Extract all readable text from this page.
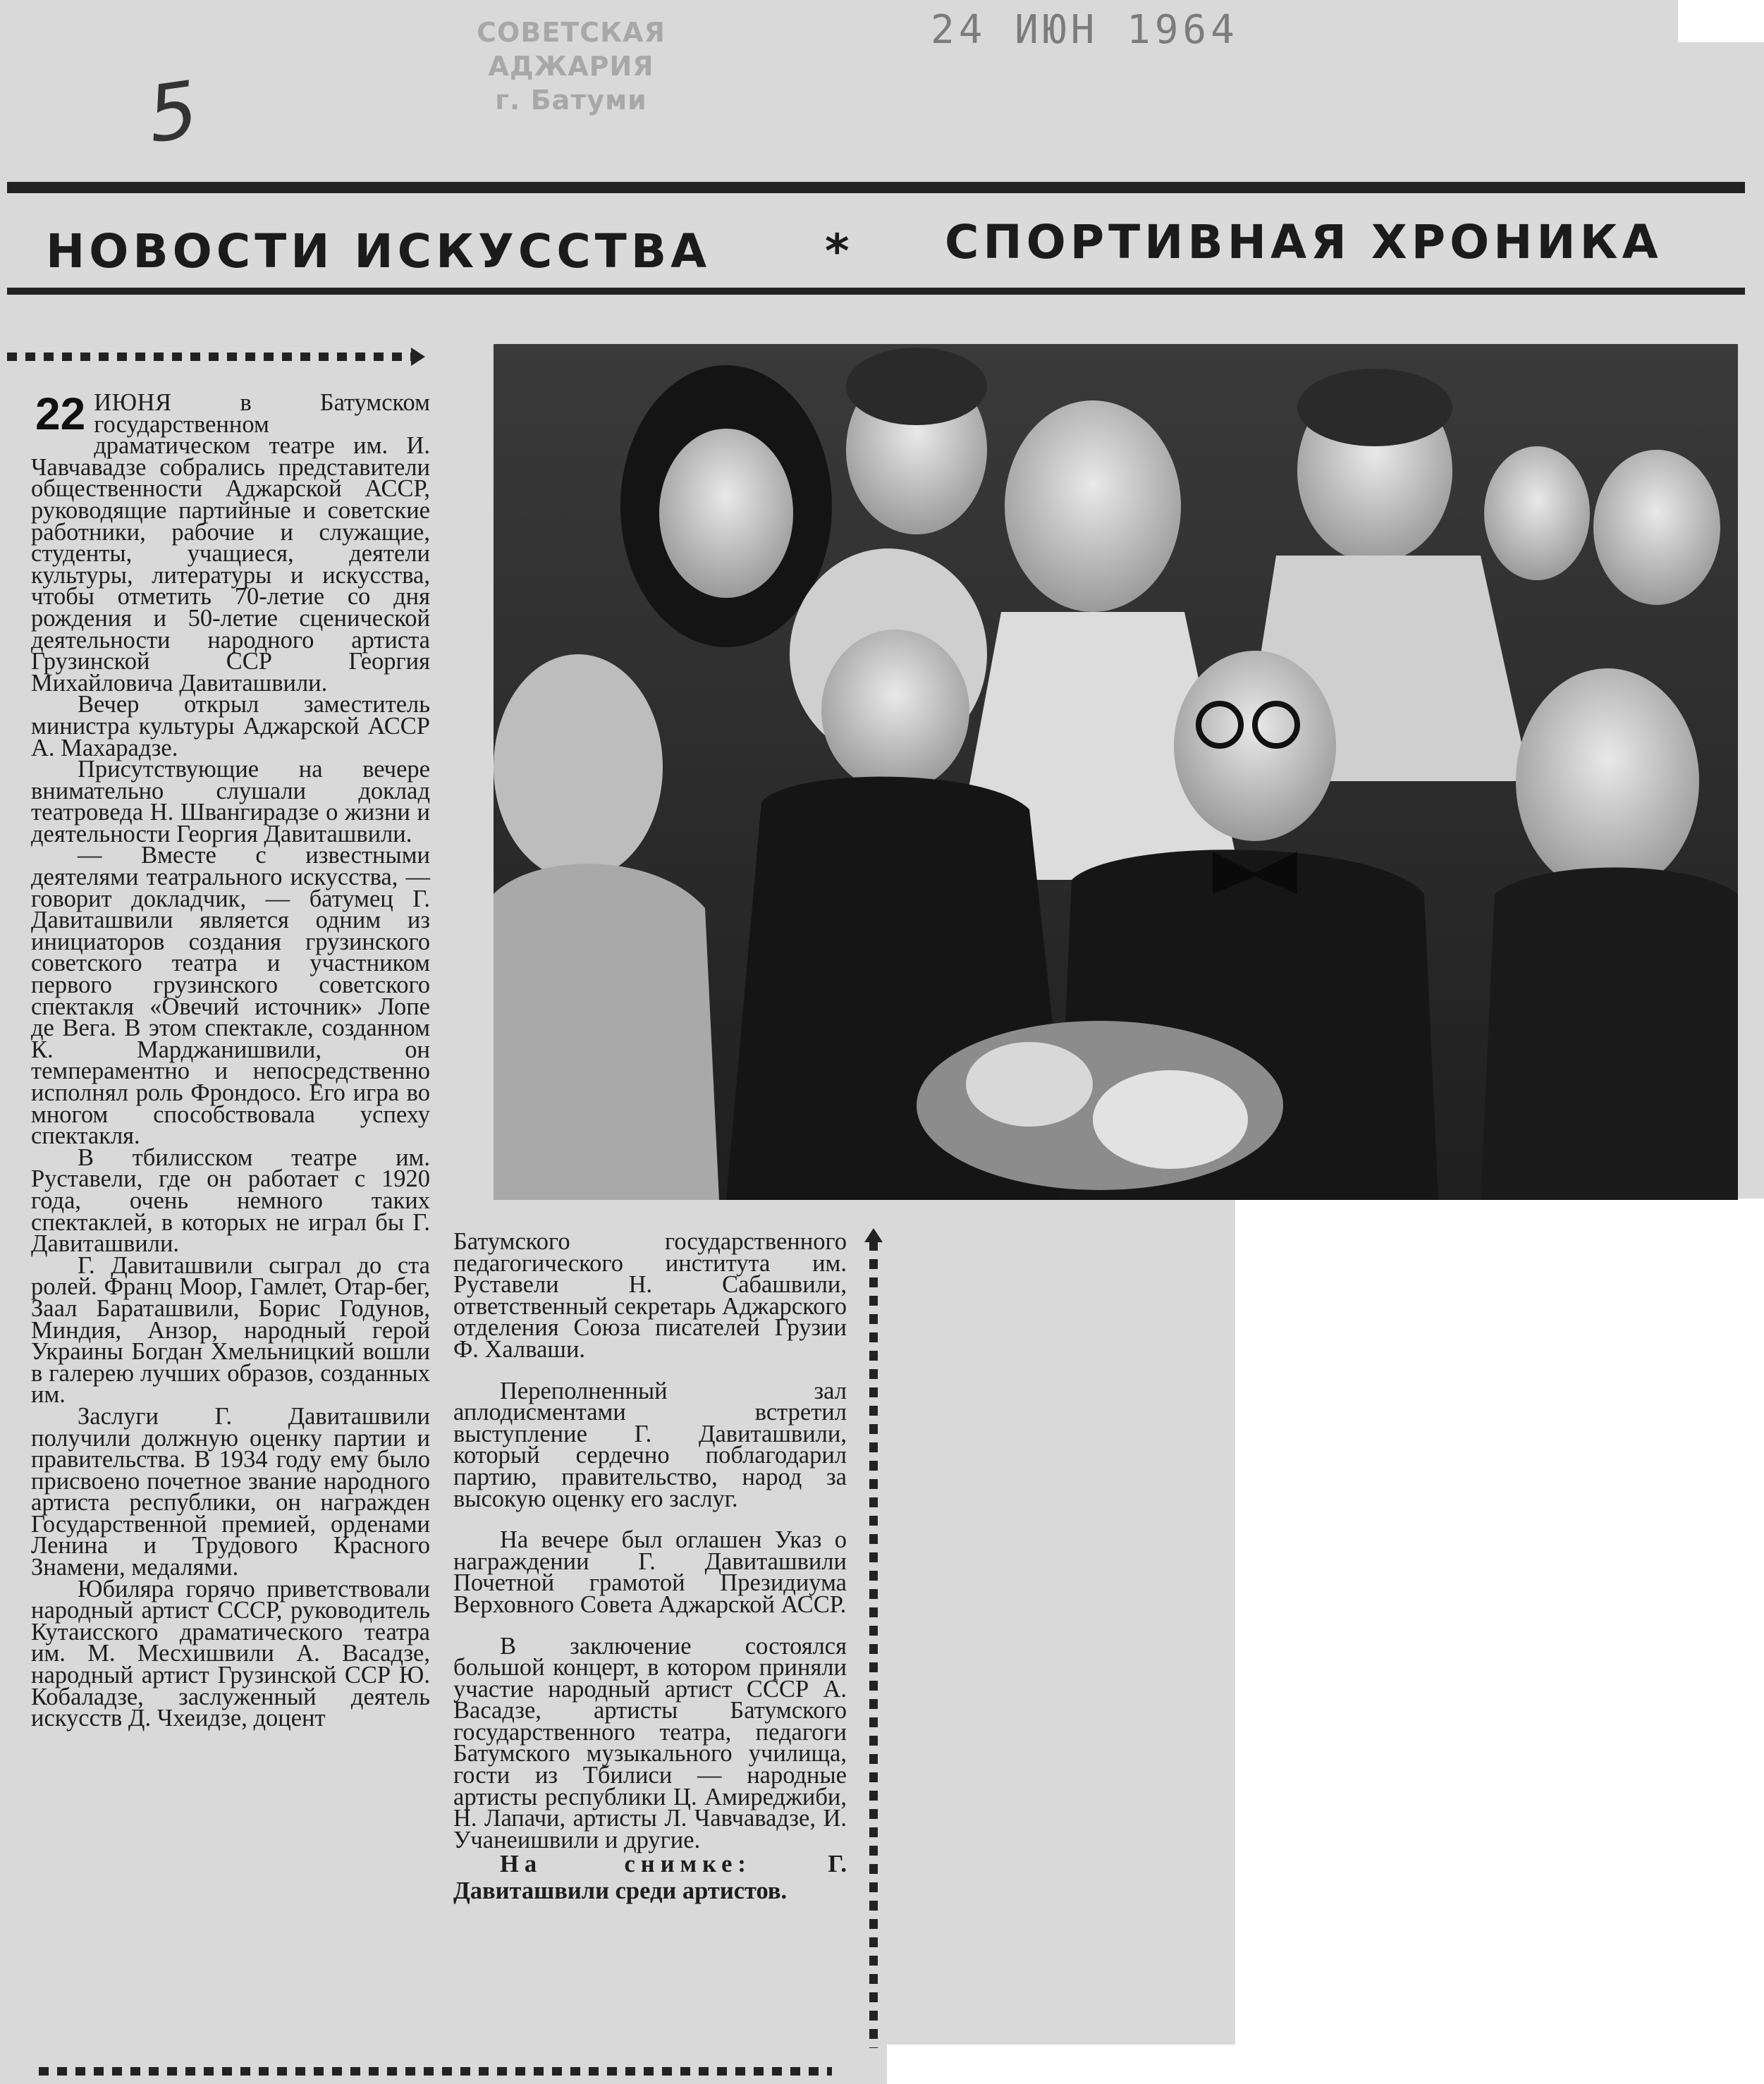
СОВЕТСКАЯ АДЖАРИЯ
г. Батуми
24 ИЮН 1964
5
НОВОСТИ ИСКУССТВА * СПОРТИВНАЯ ХРОНИКА

22 ИЮНЯ	в Батумском государственном драматическом театре им. И. Чавчавадзе собрались представители общественности Аджарской АССР, руководящие партийные и советские работники, рабочие и служащие, студенты, учащиеся, деятели культуры, литературы и искусства, чтобы отметить 70-летие со дня рождения и 50-летие сценической деятельности народного артиста Грузинской ССР Георгия Михайловича Давиташвили.

Вечер открыл заместитель министра культуры Аджарской АССР А. Махарадзе.

Присутствующие на вечере внимательно слушали доклад театроведа Н. Швангирадзе о жизни и деятельности Георгия Давиташвили.

— Вместе с известными деятелями театрального искусства, — говорит докладчик, — батумец Г. Давиташвили является одним из инициаторов создания грузинского советского театра и участником первого грузинского советского спектакля «Овечий источник» Лопе де Вега. В этом спектакле, созданном К. Марджанишвили, он темпераментно и непосредственно исполнял роль Фрондосо. Его игра во многом способствовала успеху спектакля.

В тбилисском театре им. Руставели, где он работает с 1920 года, очень немного таких спектаклей, в которых не играл бы Г. Давиташвили.

Г. Давиташвили сыграл до ста ролей. Франц Моор, Гамлет, Отар-бег, Заал Бараташвили, Борис Годунов, Миндия, Анзор, народный герой Украины Богдан Хмельницкий вошли в галерею лучших образов, созданных им.

Заслуги Г. Давиташвили получили должную оценку партии и правительства. В 1934 году ему было присвоено почетное звание народного артиста республики, он награжден Государственной премией, орденами Ленина и Трудового Красного Знамени, медалями.

Юбиляра горячо приветствовали народный артист СССР, руководитель Кутаисского драматического театра им. М. Месхишвили А. Васадзе, народный артист Грузинской ССР Ю. Кобаладзе, заслуженный деятель искусств Д. Чхеидзе, доцент

Батумского государственного педагогического института им. Руставели Н. Сабашвили, ответственный секретарь Аджарского отделения Союза писателей Грузии Ф. Халваши.

Переполненный зал аплодисментами встретил выступление Г. Давиташвили, который сердечно поблагодарил партию, правительство, народ за высокую оценку его заслуг.

На вечере был оглашен Указ о награждении Г. Давиташвили Почетной грамотой Президиума Верховного Совета Аджарской АССР.

В заключение состоялся большой концерт, в котором приняли участие народный артист СССР А. Васадзе, артисты Батумского государственного театра, педагоги Батумского музыкального училища, гости из Тбилиси — народные артисты республики Ц. Амиреджиби, Н. Лапачи, артисты Л. Чавчавадзе, И. Учанеишвили и другие.

На снимке:	Г. Давиташвили среди артистов.
